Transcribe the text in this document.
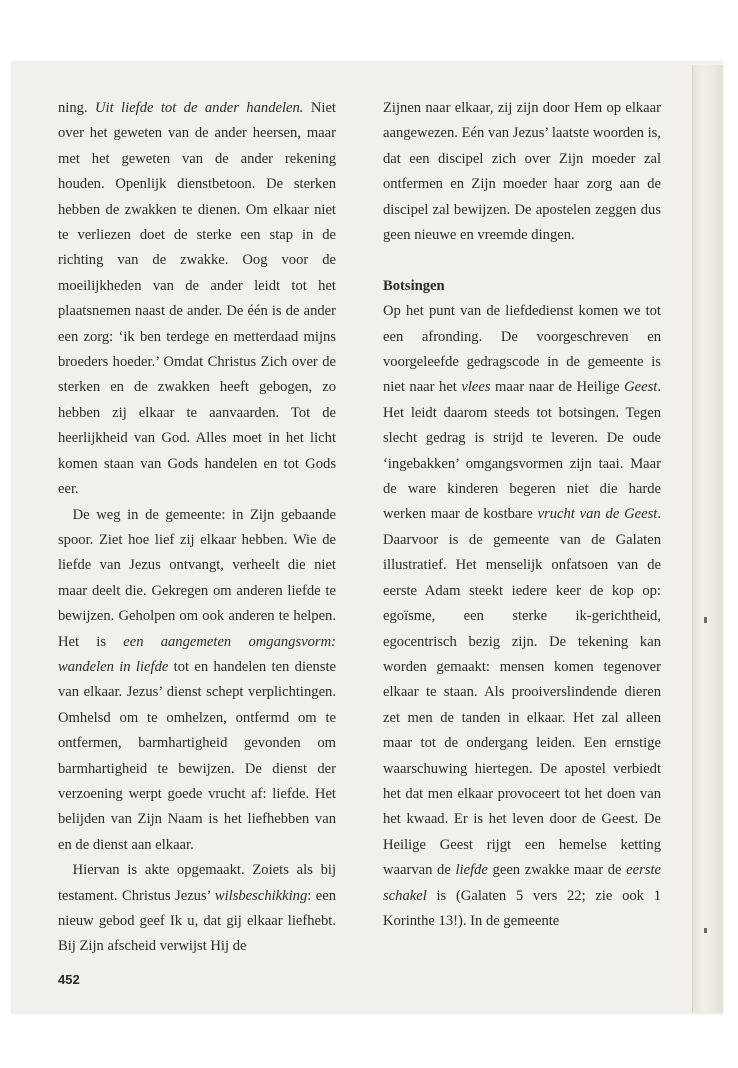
ning. Uit liefde tot de ander handelen. Niet over het geweten van de ander heersen, maar met het geweten van de ander rekening houden. Openlijk dienstbetoon. De sterken hebben de zwakken te dienen. Om elkaar niet te verliezen doet de sterke een stap in de richting van de zwakke. Oog voor de moeilijkheden van de ander leidt tot het plaatsnemen naast de ander. De één is de ander een zorg: ‘ik ben terdege en metterdaad mijns broeders hoeder.’ Omdat Christus Zich over de sterken en de zwakken heeft gebogen, zo hebben zij elkaar te aanvaarden. Tot de heerlijkheid van God. Alles moet in het licht komen staan van Gods handelen en tot Gods eer.

De weg in de gemeente: in Zijn gebaande spoor. Ziet hoe lief zij elkaar hebben. Wie de liefde van Jezus ontvangt, verheelt die niet maar deelt die. Gekregen om anderen liefde te bewijzen. Geholpen om ook anderen te helpen. Het is een aangemeten omgangsvorm: wandelen in liefde tot en handelen ten dienste van elkaar. Jezus’ dienst schept verplichtingen. Omhelsd om te omhelzen, ontfermd om te ontfermen, barmhartigheid gevonden om barmhartigheid te bewijzen. De dienst der verzoening werpt goede vrucht af: liefde. Het belijden van Zijn Naam is het liefhebben van en de dienst aan elkaar.

Hiervan is akte opgemaakt. Zoiets als bij testament. Christus Jezus’ wilsbeschikking: een nieuw gebod geef Ik u, dat gij elkaar liefhebt. Bij Zijn afscheid verwijst Hij de

Zijnen naar elkaar, zij zijn door Hem op elkaar aangewezen. Eén van Jezus’ laatste woorden is, dat een discipel zich over Zijn moeder zal ontfermen en Zijn moeder haar zorg aan de discipel zal bewijzen. De apostelen zeggen dus geen nieuwe en vreemde dingen.

Botsingen

Op het punt van de liefdedienst komen we tot een afronding. De voorgeschreven en voorgeleefde gedragscode in de gemeente is niet naar het vlees maar naar de Heilige Geest. Het leidt daarom steeds tot botsingen. Tegen slecht gedrag is strijd te leveren. De oude ‘ingebakken’ omgangsvormen zijn taai. Maar de ware kinderen begeren niet die harde werken maar de kostbare vrucht van de Geest. Daarvoor is de gemeente van de Galaten illustratief. Het menselijk onfatsoen van de eerste Adam steekt iedere keer de kop op: egoïsme, een sterke ik-gerichtheid, egocentrisch bezig zijn. De tekening kan worden gemaakt: mensen komen tegenover elkaar te staan. Als prooiverslindende dieren zet men de tanden in elkaar. Het zal alleen maar tot de ondergang leiden. Een ernstige waarschuwing hiertegen. De apostel verbiedt het dat men elkaar provoceert tot het doen van het kwaad. Er is het leven door de Geest. De Heilige Geest rijgt een hemelse ketting waarvan de liefde geen zwakke maar de eerste schakel is (Galaten 5 vers 22; zie ook 1 Korinthe 13!). In de gemeente

452
